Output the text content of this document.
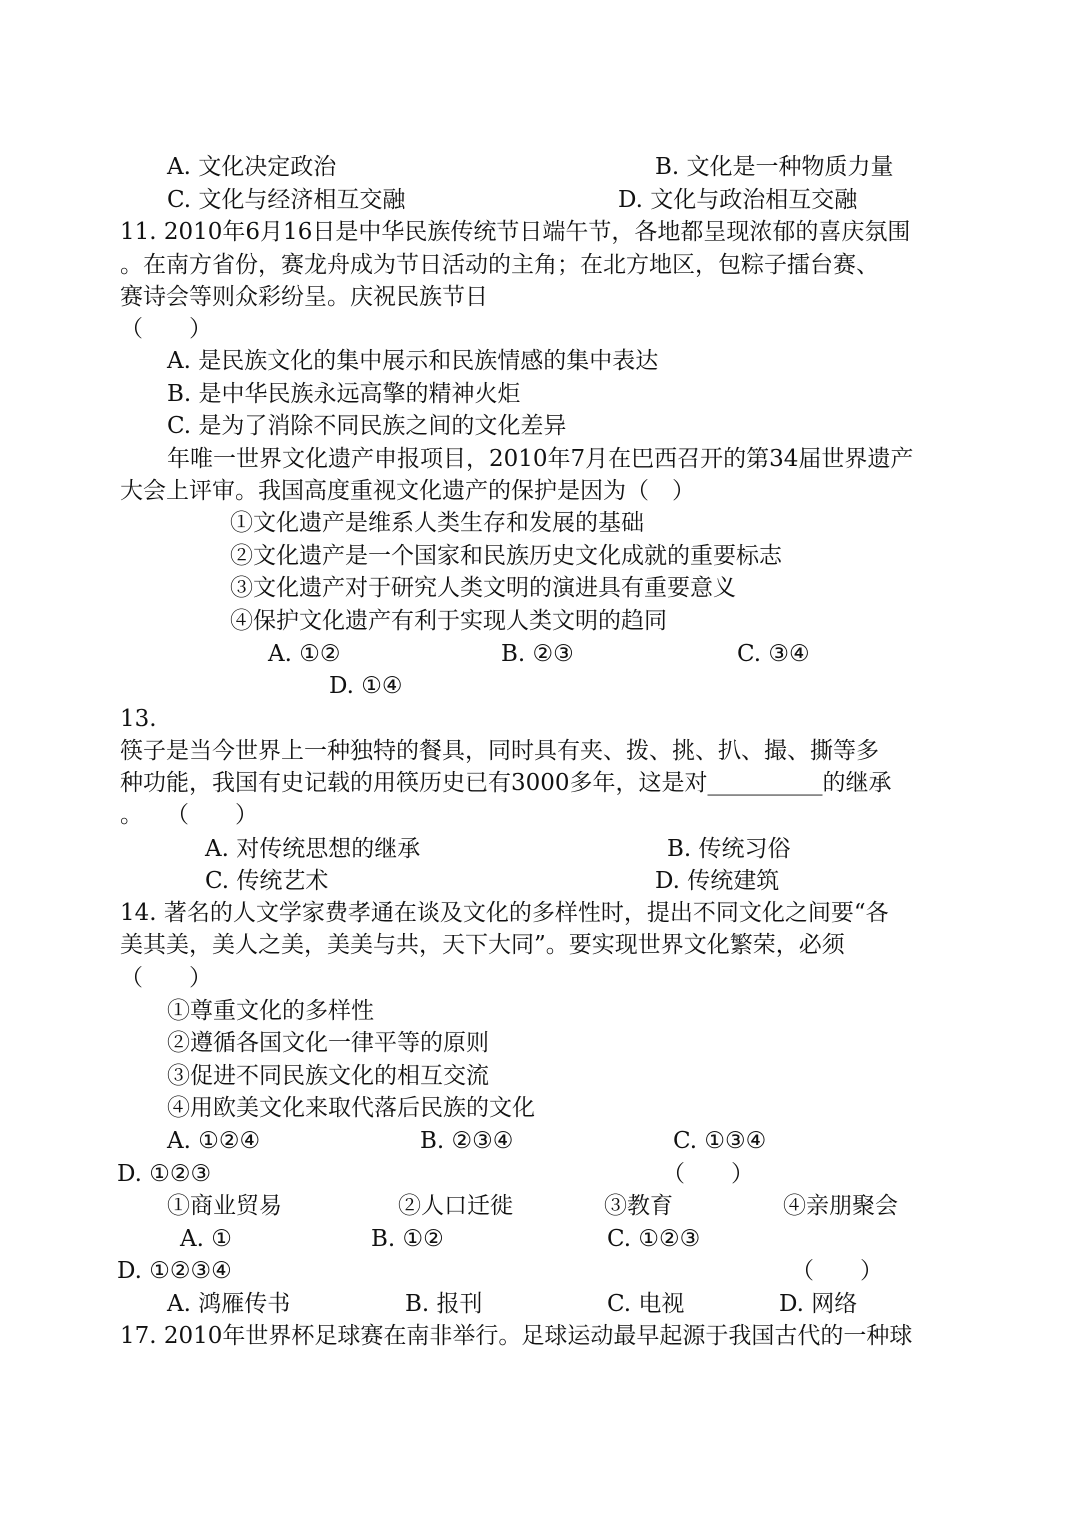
A. 文化决定政治	B. 文化是一种物质力量
C. 文化与经济相互交融	D. 文化与政治相互交融
11. 2010年6月16日是中华民族传统节日端午节，各地都呈现浓郁的喜庆氛围
。在南方省份，赛龙舟成为节日活动的主角；在北方地区，包粽子擂台赛、
赛诗会等则众彩纷呈。庆祝民族节日
（　　）
A. 是民族文化的集中展示和民族情感的集中表达
B. 是中华民族永远高擎的精神火炬
C. 是为了消除不同民族之间的文化差异
年唯一世界文化遗产申报项目，2010年7月在巴西召开的第34届世界遗产
大会上评审。我国高度重视文化遗产的保护是因为（　）
①文化遗产是维系人类生存和发展的基础
②文化遗产是一个国家和民族历史文化成就的重要标志
③文化遗产对于研究人类文明的演进具有重要意义
④保护文化遗产有利于实现人类文明的趋同
A. ①②	B. ②③	C. ③④
D. ①④
13.
筷子是当今世界上一种独特的餐具，同时具有夹、拨、挑、扒、撮、撕等多
种功能，我国有史记载的用筷历史已有3000多年，这是对__________的继承
。　　（　　）
A. 对传统思想的继承	B. 传统习俗
C. 传统艺术	D. 传统建筑
14. 著名的人文学家费孝通在谈及文化的多样性时，提出不同文化之间要“各
美其美，美人之美，美美与共，天下大同”。要实现世界文化繁荣，必须
（　　）
①尊重文化的多样性
②遵循各国文化一律平等的原则
③促进不同民族文化的相互交流
④用欧美文化来取代落后民族的文化
A. ①②④	B. ②③④	C. ①③④
D. ①②③	（　　）
①商业贸易	②人口迁徙	③教育	④亲朋聚会
A. ①	B. ①②	C. ①②③
D. ①②③④	（　　）
A. 鸿雁传书	B. 报刊	C. 电视	D. 网络
17. 2010年世界杯足球赛在南非举行。足球运动最早起源于我国古代的一种球
